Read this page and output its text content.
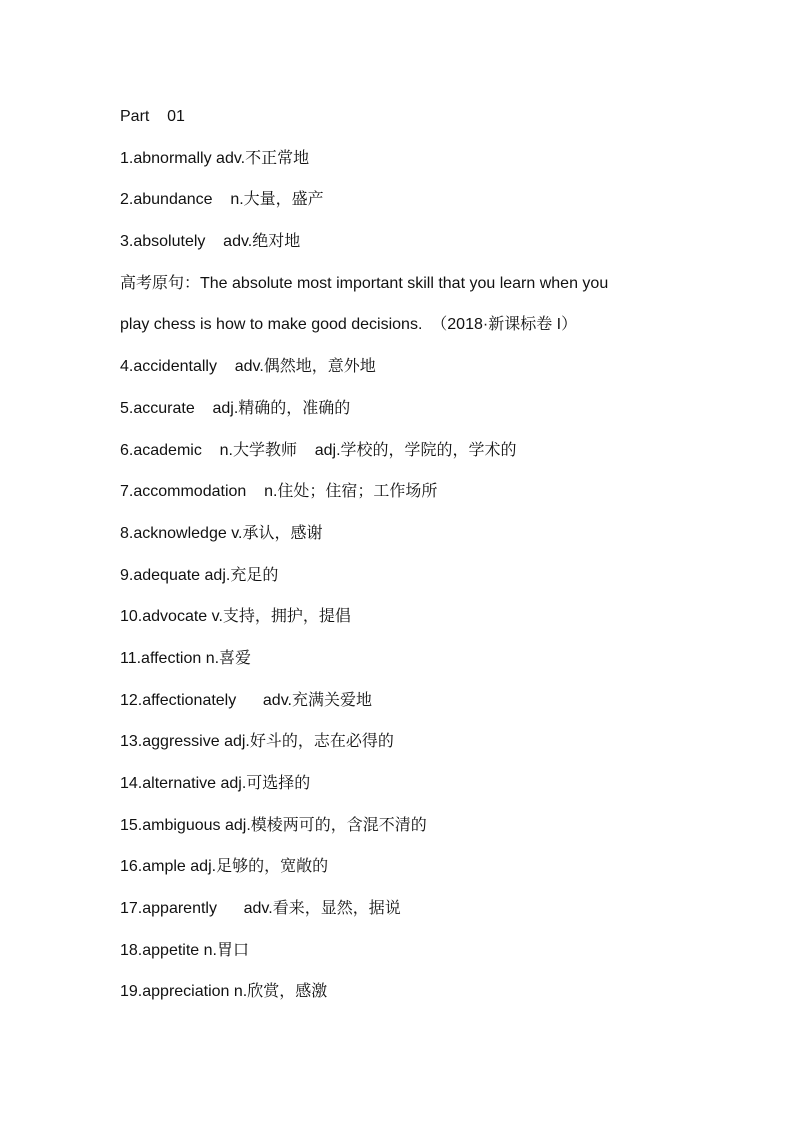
Part    01
1.abnormally adv.不正常地
2.abundance    n.大量，盛产
3.absolutely    adv.绝对地
高考原句：The absolute most important skill that you learn when you
play chess is how to make good decisions.  （2018·新课标卷 I）
4.accidentally    adv.偶然地，意外地
5.accurate    adj.精确的，准确的
6.academic    n.大学教师    adj.学校的，学院的，学术的
7.accommodation    n.住处；住宿；工作场所
8.acknowledge v.承认，感谢
9.adequate adj.充足的
10.advocate v.支持，拥护，提倡
11.affection n.喜爱
12.affectionately      adv.充满关爱地
13.aggressive adj.好斗的，志在必得的
14.alternative adj.可选择的
15.ambiguous adj.模棱两可的，含混不清的
16.ample adj.足够的，宽敞的
17.apparently      adv.看来，显然，据说
18.appetite n.胃口
19.appreciation n.欣赏，感激
